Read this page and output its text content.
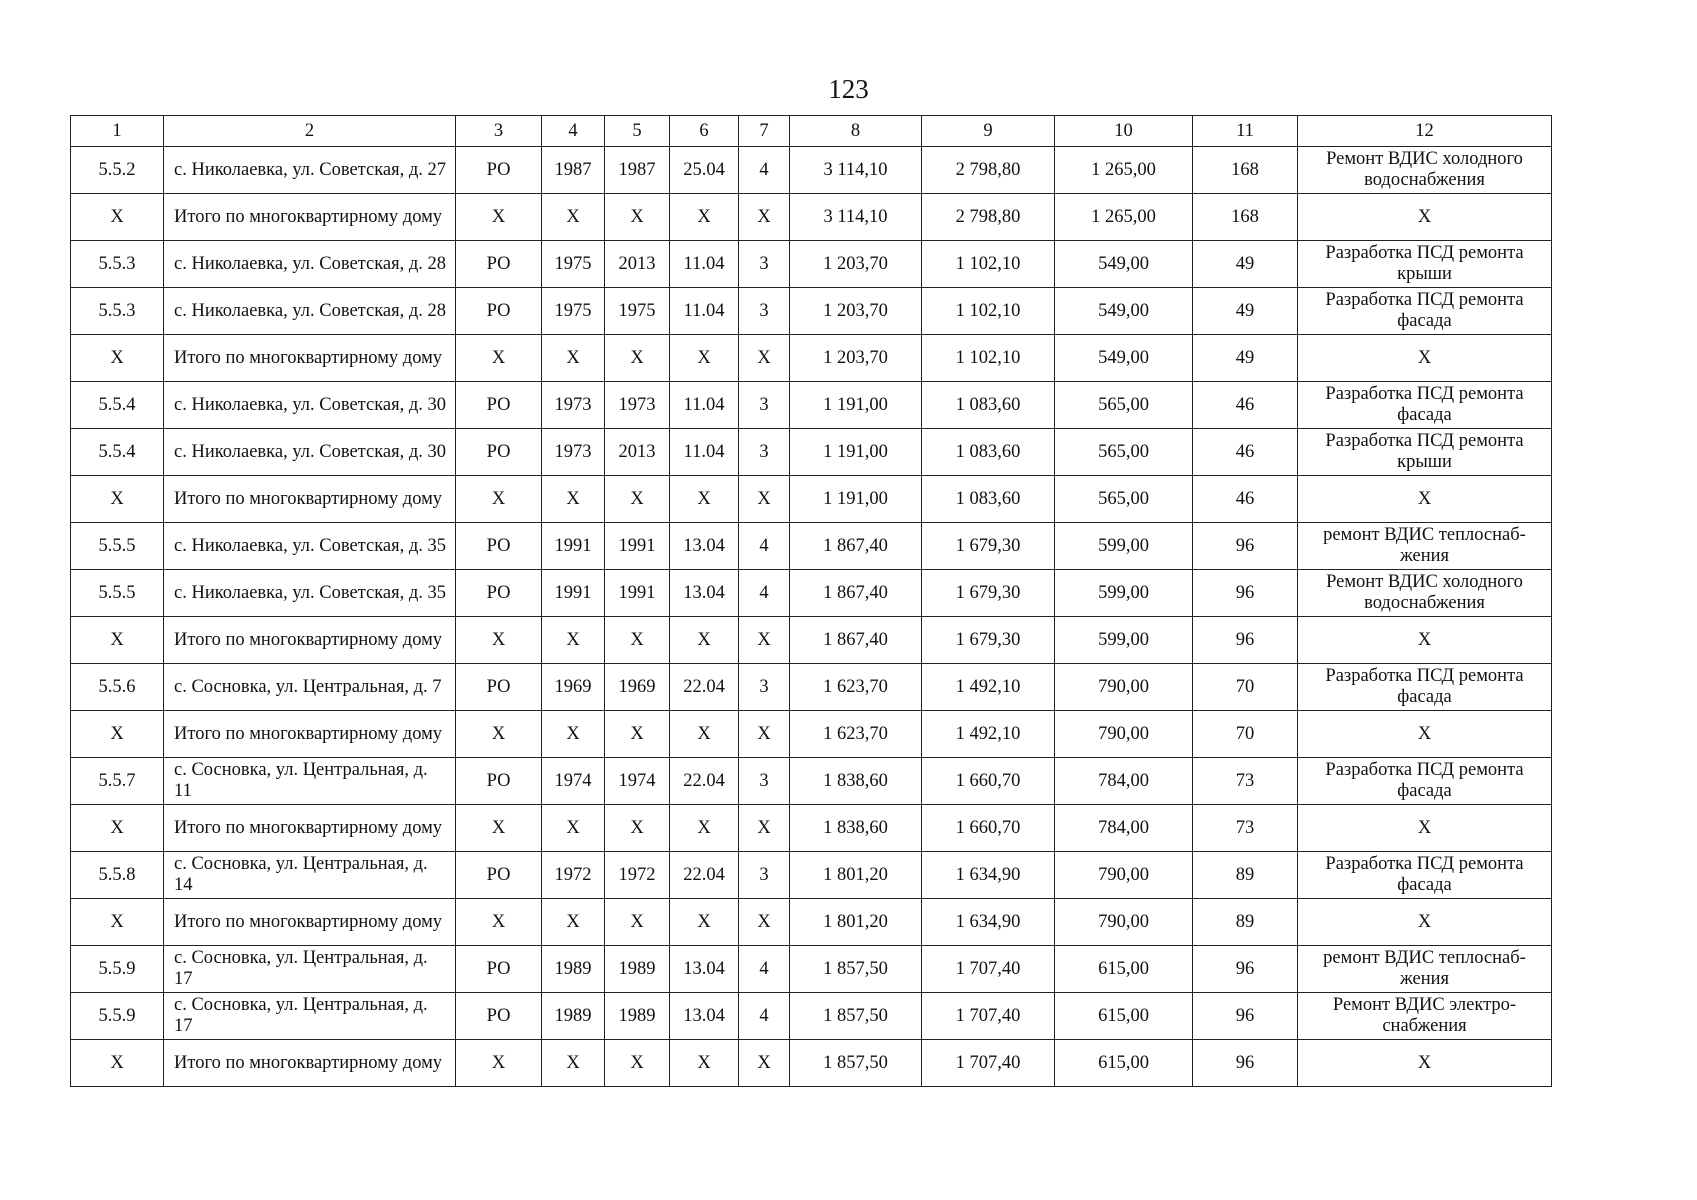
123
1	2	3	4	5	6	7	8	9	10	11	12
5.5.2	с. Николаевка, ул. Советская, д. 27	РО	1987	1987	25.04	4	3 114,10	2 798,80	1 265,00	168	Ремонт ВДИС холодного водоснабжения
Х	Итого по многоквартирному дому	Х	Х	Х	Х	Х	3 114,10	2 798,80	1 265,00	168	Х
5.5.3	с. Николаевка, ул. Советская, д. 28	РО	1975	2013	11.04	3	1 203,70	1 102,10	549,00	49	Разработка ПСД ремонта крыши
5.5.3	с. Николаевка, ул. Советская, д. 28	РО	1975	1975	11.04	3	1 203,70	1 102,10	549,00	49	Разработка ПСД ремонта фасада
Х	Итого по многоквартирному дому	Х	Х	Х	Х	Х	1 203,70	1 102,10	549,00	49	Х
5.5.4	с. Николаевка, ул. Советская, д. 30	РО	1973	1973	11.04	3	1 191,00	1 083,60	565,00	46	Разработка ПСД ремонта фасада
5.5.4	с. Николаевка, ул. Советская, д. 30	РО	1973	2013	11.04	3	1 191,00	1 083,60	565,00	46	Разработка ПСД ремонта крыши
Х	Итого по многоквартирному дому	Х	Х	Х	Х	Х	1 191,00	1 083,60	565,00	46	Х
5.5.5	с. Николаевка, ул. Советская, д. 35	РО	1991	1991	13.04	4	1 867,40	1 679,30	599,00	96	ремонт ВДИС теплоснаб-жения
5.5.5	с. Николаевка, ул. Советская, д. 35	РО	1991	1991	13.04	4	1 867,40	1 679,30	599,00	96	Ремонт ВДИС холодного водоснабжения
Х	Итого по многоквартирному дому	Х	Х	Х	Х	Х	1 867,40	1 679,30	599,00	96	Х
5.5.6	с. Сосновка, ул. Центральная, д. 7	РО	1969	1969	22.04	3	1 623,70	1 492,10	790,00	70	Разработка ПСД ремонта фасада
Х	Итого по многоквартирному дому	Х	Х	Х	Х	Х	1 623,70	1 492,10	790,00	70	Х
5.5.7	с. Сосновка, ул. Центральная, д. 11	РО	1974	1974	22.04	3	1 838,60	1 660,70	784,00	73	Разработка ПСД ремонта фасада
Х	Итого по многоквартирному дому	Х	Х	Х	Х	Х	1 838,60	1 660,70	784,00	73	Х
5.5.8	с. Сосновка, ул. Центральная, д. 14	РО	1972	1972	22.04	3	1 801,20	1 634,90	790,00	89	Разработка ПСД ремонта фасада
Х	Итого по многоквартирному дому	Х	Х	Х	Х	Х	1 801,20	1 634,90	790,00	89	Х
5.5.9	с. Сосновка, ул. Центральная, д. 17	РО	1989	1989	13.04	4	1 857,50	1 707,40	615,00	96	ремонт ВДИС теплоснаб-жения
5.5.9	с. Сосновка, ул. Центральная, д. 17	РО	1989	1989	13.04	4	1 857,50	1 707,40	615,00	96	Ремонт ВДИС электро-снабжения
Х	Итого по многоквартирному дому	Х	Х	Х	Х	Х	1 857,50	1 707,40	615,00	96	Х
